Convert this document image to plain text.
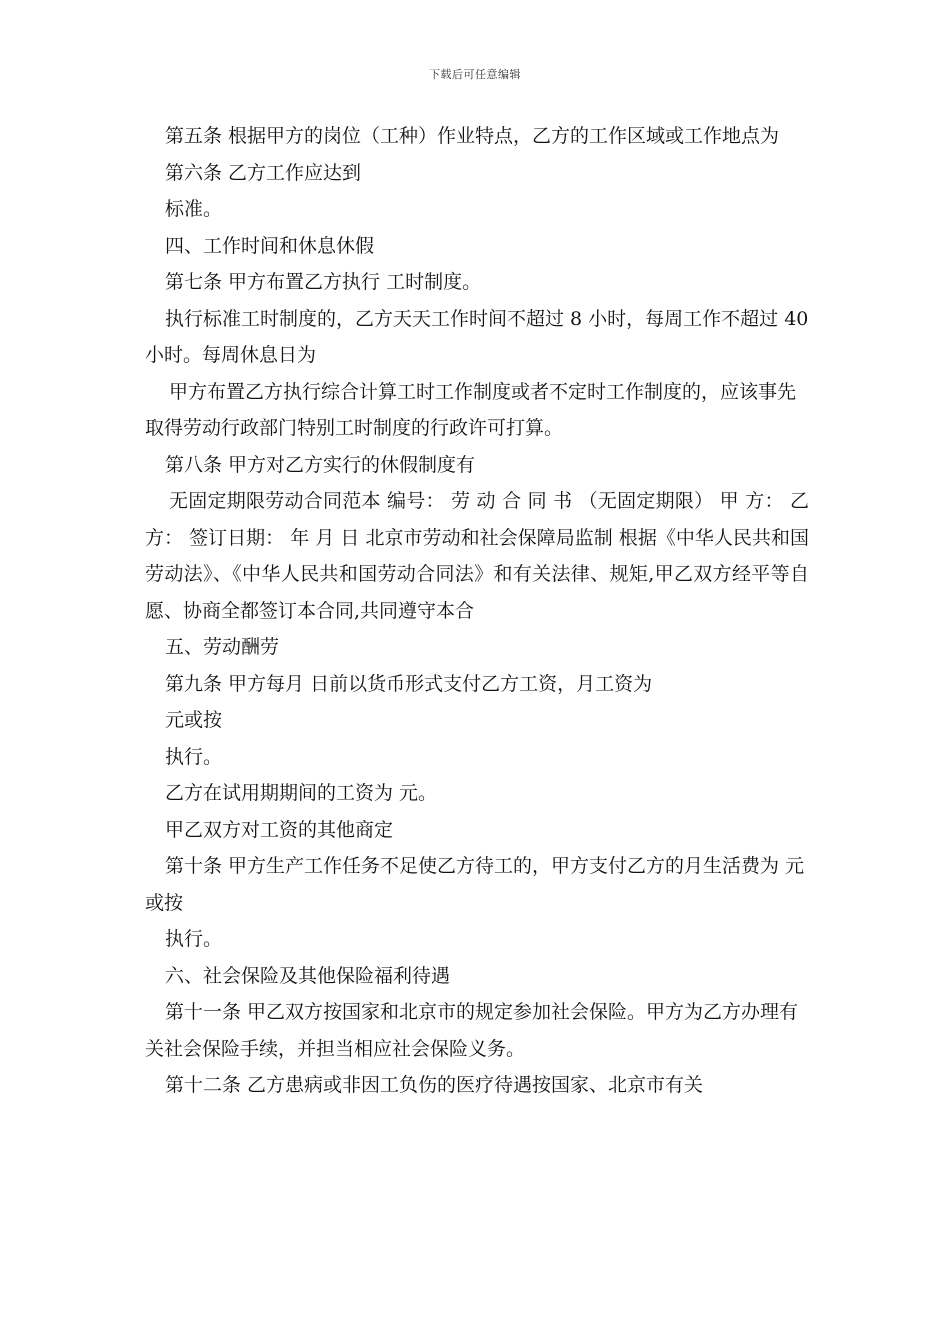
下载后可任意编辑

第五条 根据甲方的岗位（工种）作业特点，乙方的工作区域或工作地点为

第六条 乙方工作应达到

标准。

四、工作时间和休息休假

第七条 甲方布置乙方执行 工时制度。

执行标准工时制度的，乙方天天工作时间不超过 8 小时，每周工作不超过 40 小时。每周休息日为

甲方布置乙方执行综合计算工时工作制度或者不定时工作制度的，应该事先取得劳动行政部门特别工时制度的行政许可打算。

第八条 甲方对乙方实行的休假制度有

无固定期限劳动合同范本 编号： 劳 动 合 同 书 （无固定期限） 甲 方： 乙 方： 签订日期： 年 月 日 北京市劳动和社会保障局监制 根据《中华人民共和国劳动法》、《中华人民共和国劳动合同法》和有关法律、规矩,甲乙双方经平等自愿、协商全都签订本合同,共同遵守本合

五、劳动酬劳

第九条 甲方每月 日前以货币形式支付乙方工资，月工资为

元或按

执行。

乙方在试用期期间的工资为 元。

甲乙双方对工资的其他商定

第十条 甲方生产工作任务不足使乙方待工的，甲方支付乙方的月生活费为 元或按

执行。

六、社会保险及其他保险福利待遇

第十一条 甲乙双方按国家和北京市的规定参加社会保险。甲方为乙方办理有关社会保险手续，并担当相应社会保险义务。

第十二条 乙方患病或非因工负伤的医疗待遇按国家、北京市有关
